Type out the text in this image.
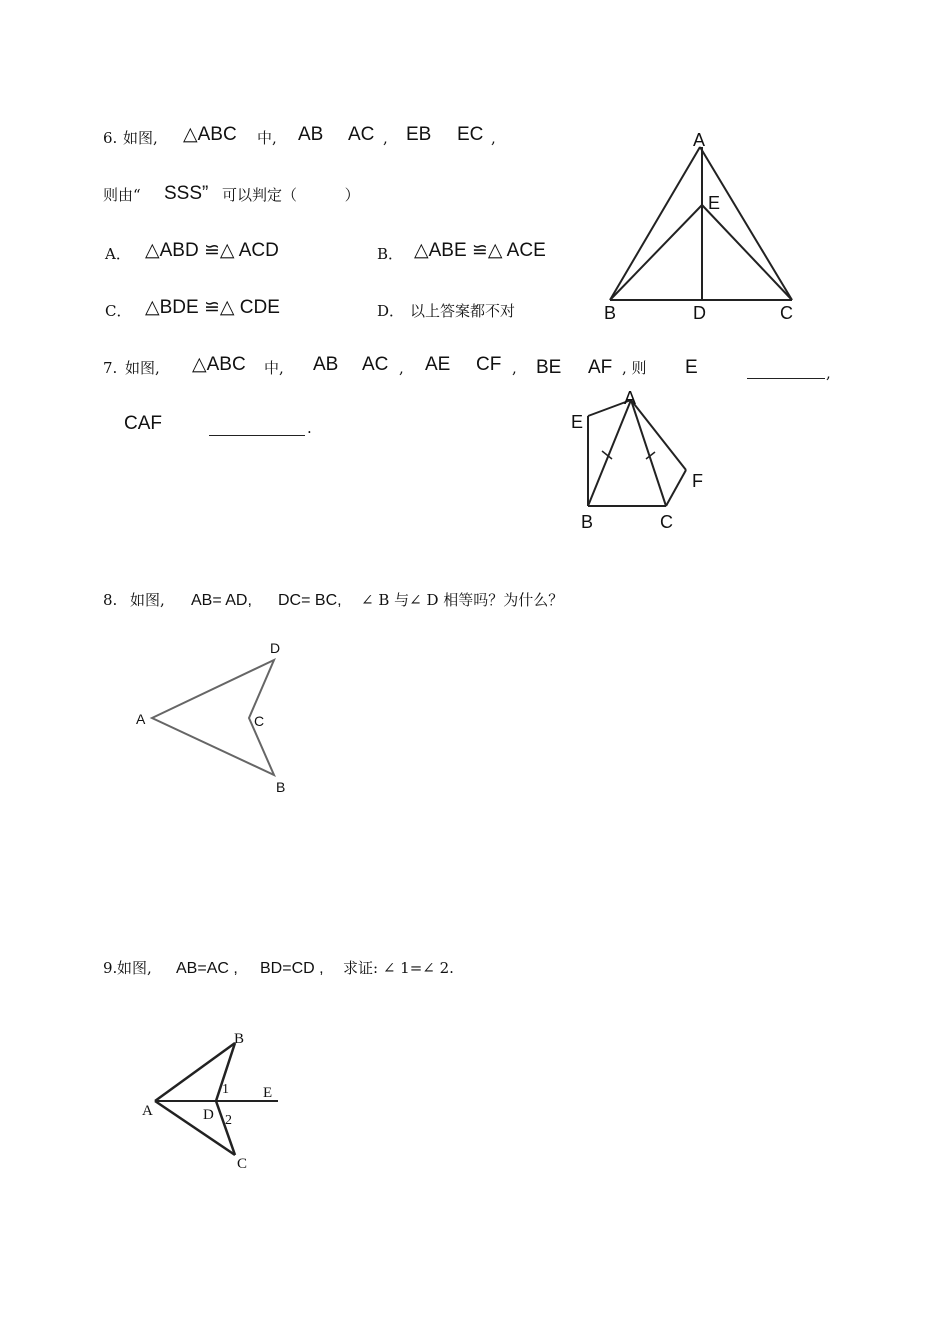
6. 如图, △ABC 中, AB AC , EB EC ,
则由“ SSS” 可以判定（          ）
A． △ABD ≌△ ACD	B． △ABE ≌△ ACE
C． △BDE ≌△ CDE	D． 以上答案都不对
A
E
B	D	C
7. 如图, △ABC 中, AB AC , AE CF , BE AF , 则 E	,
CAF	.
A
E
F
B	C
8. 如图, AB= AD, DC= BC, ∠ B 与∠ D 相等吗？为什么？
A
D
C
B
9. 如图, AB=AC , BD=CD , 求证: ∠ 1=∠ 2.
A
B
C
D
E
1
2
